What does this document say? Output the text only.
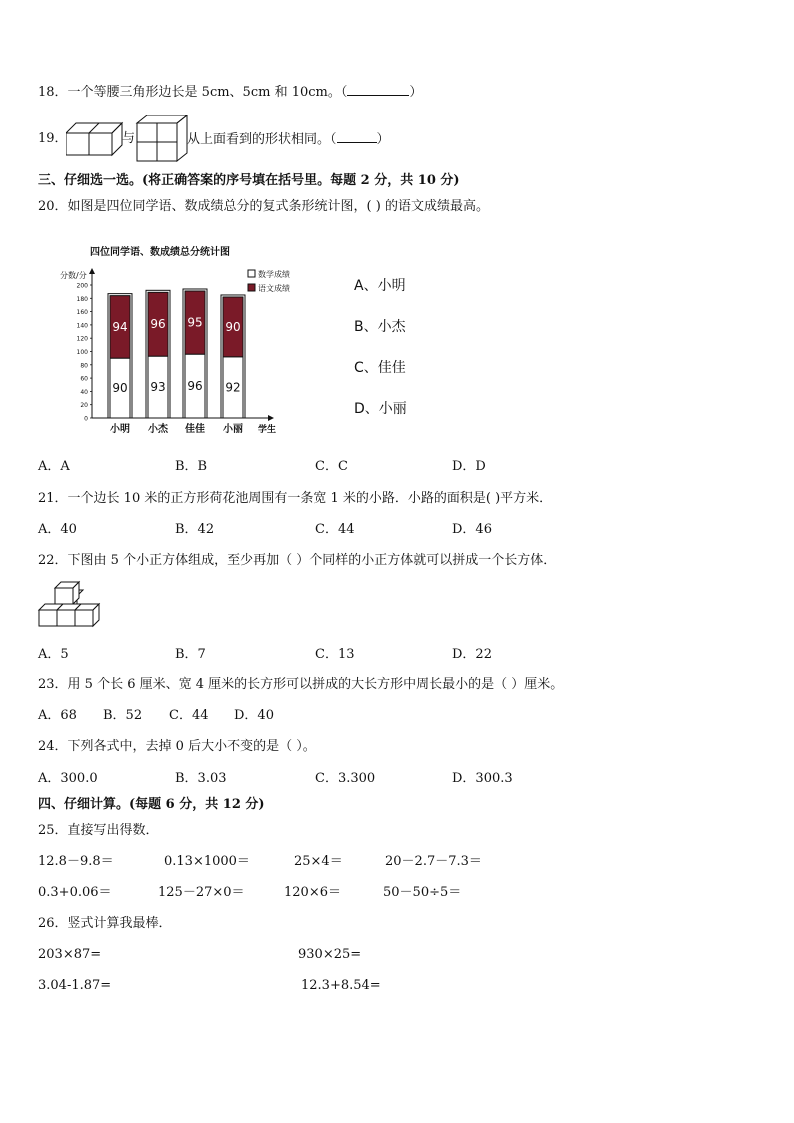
18．一个等腰三角形边长是 5cm、5cm 和 10cm。（	）
19．	与	从上面看到的形状相同。（	）
三、仔细选一选。(将正确答案的序号填在括号里。每题 2 分，共 10 分)
20．如图是四位同学语、数成绩总分的复式条形统计图，( ) 的语文成绩最高。
四位同学语、数成绩总分统计图
分数/分
学生
0
20
40
60
80
100
120
140
160
180
200
数学成绩
语文成绩
90
94
小明
93
96
小杰
96
95
佳佳
92
90
小丽
A、小明
B、小杰
C、佳佳
D、小丽
A．A	B．B	C．C	D．D
21．一个边长 10 米的正方形荷花池周围有一条宽 1 米的小路．小路的面积是( )平方米．
A．40	B．42	C．44	D．46
22．下图由 5 个小正方体组成，至少再加（ ）个同样的小正方体就可以拼成一个长方体．
A．5	B．7	C．13	D．22
23．用 5 个长 6 厘米、宽 4 厘米的长方形可以拼成的大长方形中周长最小的是（ ）厘米。
A．68 B．52 C．44 D．40
24．下列各式中，去掉 0 后大小不变的是（ ）。
A．300.0	B．3.03	C．3.300	D．300.3
四、仔细计算。(每题 6 分，共 12 分)
25．直接写出得数．
12.8－9.8＝	0.13×1000＝	25×4＝	20－2.7－7.3＝
0.3+0.06＝	125－27×0＝	120×6＝	50－50÷5＝
26．竖式计算我最棒．
203×87=	930×25=
3.04-1.87=	12.3+8.54=
